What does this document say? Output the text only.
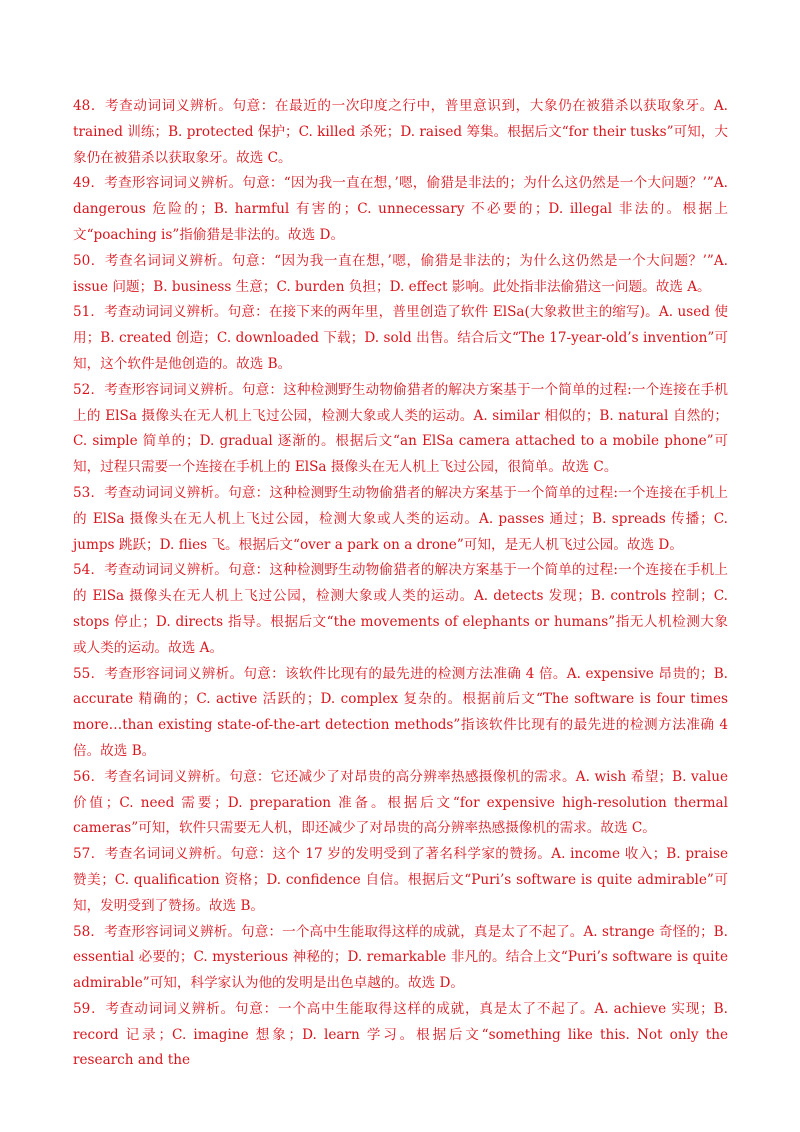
48．考查动词词义辨析。句意：在最近的一次印度之行中，普里意识到，大象仍在被猎杀以获取象牙。A. trained 训练；B. protected 保护；C. killed 杀死；D. raised 筹集。根据后文“for their tusks”可知，大象仍在被猎杀以获取象牙。故选 C。

49．考查形容词词义辨析。句意：“因为我一直在想，’嗯，偷猎是非法的；为什么这仍然是一个大问题？’”A. dangerous 危险的；B. harmful 有害的；C. unnecessary 不必要的；D. illegal 非法的。根据上文“poaching is”指偷猎是非法的。故选 D。

50．考查名词词义辨析。句意：“因为我一直在想，’嗯，偷猎是非法的；为什么这仍然是一个大问题？’”A. issue 问题；B. business 生意；C. burden 负担；D. effect 影响。此处指非法偷猎这一问题。故选 A。

51．考查动词词义辨析。句意：在接下来的两年里，普里创造了软件 ElSa(大象救世主的缩写)。A. used 使用；B. created 创造；C. downloaded 下载；D. sold 出售。结合后文“The 17-year-old’s invention”可知，这个软件是他创造的。故选 B。

52．考查形容词词义辨析。句意：这种检测野生动物偷猎者的解决方案基于一个简单的过程:一个连接在手机上的 ElSa 摄像头在无人机上飞过公园，检测大象或人类的运动。A. similar 相似的；B. natural 自然的；C. simple 简单的；D. gradual 逐渐的。根据后文“an ElSa camera attached to a mobile phone”可知，过程只需要一个连接在手机上的 ElSa 摄像头在无人机上飞过公园，很简单。故选 C。

53．考查动词词义辨析。句意：这种检测野生动物偷猎者的解决方案基于一个简单的过程:一个连接在手机上的 ElSa 摄像头在无人机上飞过公园，检测大象或人类的运动。A. passes 通过；B. spreads 传播；C. jumps 跳跃；D. flies 飞。根据后文“over a park on a drone”可知，是无人机飞过公园。故选 D。

54．考查动词词义辨析。句意：这种检测野生动物偷猎者的解决方案基于一个简单的过程:一个连接在手机上的 ElSa 摄像头在无人机上飞过公园，检测大象或人类的运动。A. detects 发现；B. controls 控制；C. stops 停止；D. directs 指导。根据后文“the movements of elephants or humans”指无人机检测大象或人类的运动。故选 A。

55．考查形容词词义辨析。句意：该软件比现有的最先进的检测方法准确 4 倍。A. expensive 昂贵的；B. accurate 精确的；C. active 活跃的；D. complex 复杂的。根据前后文“The software is four times more…than existing state-of-the-art detection methods”指该软件比现有的最先进的检测方法准确 4 倍。故选 B。

56．考查名词词义辨析。句意：它还减少了对昂贵的高分辨率热感摄像机的需求。A. wish 希望；B. value 价值；C. need 需要；D. preparation 准备。根据后文“for expensive high-resolution thermal cameras”可知，软件只需要无人机，即还减少了对昂贵的高分辨率热感摄像机的需求。故选 C。

57．考查名词词义辨析。句意：这个 17 岁的发明受到了著名科学家的赞扬。A. income 收入；B. praise 赞美；C. qualification 资格；D. confidence 自信。根据后文“Puri’s software is quite admirable”可知，发明受到了赞扬。故选 B。

58．考查形容词词义辨析。句意：一个高中生能取得这样的成就，真是太了不起了。A. strange 奇怪的；B. essential 必要的；C. mysterious 神秘的；D. remarkable 非凡的。结合上文“Puri’s software is quite admirable”可知，科学家认为他的发明是出色卓越的。故选 D。

59．考查动词词义辨析。句意：一个高中生能取得这样的成就，真是太了不起了。A. achieve 实现；B. record 记录；C. imagine 想象；D. learn 学习。根据后文“something like this. Not only the research and the
